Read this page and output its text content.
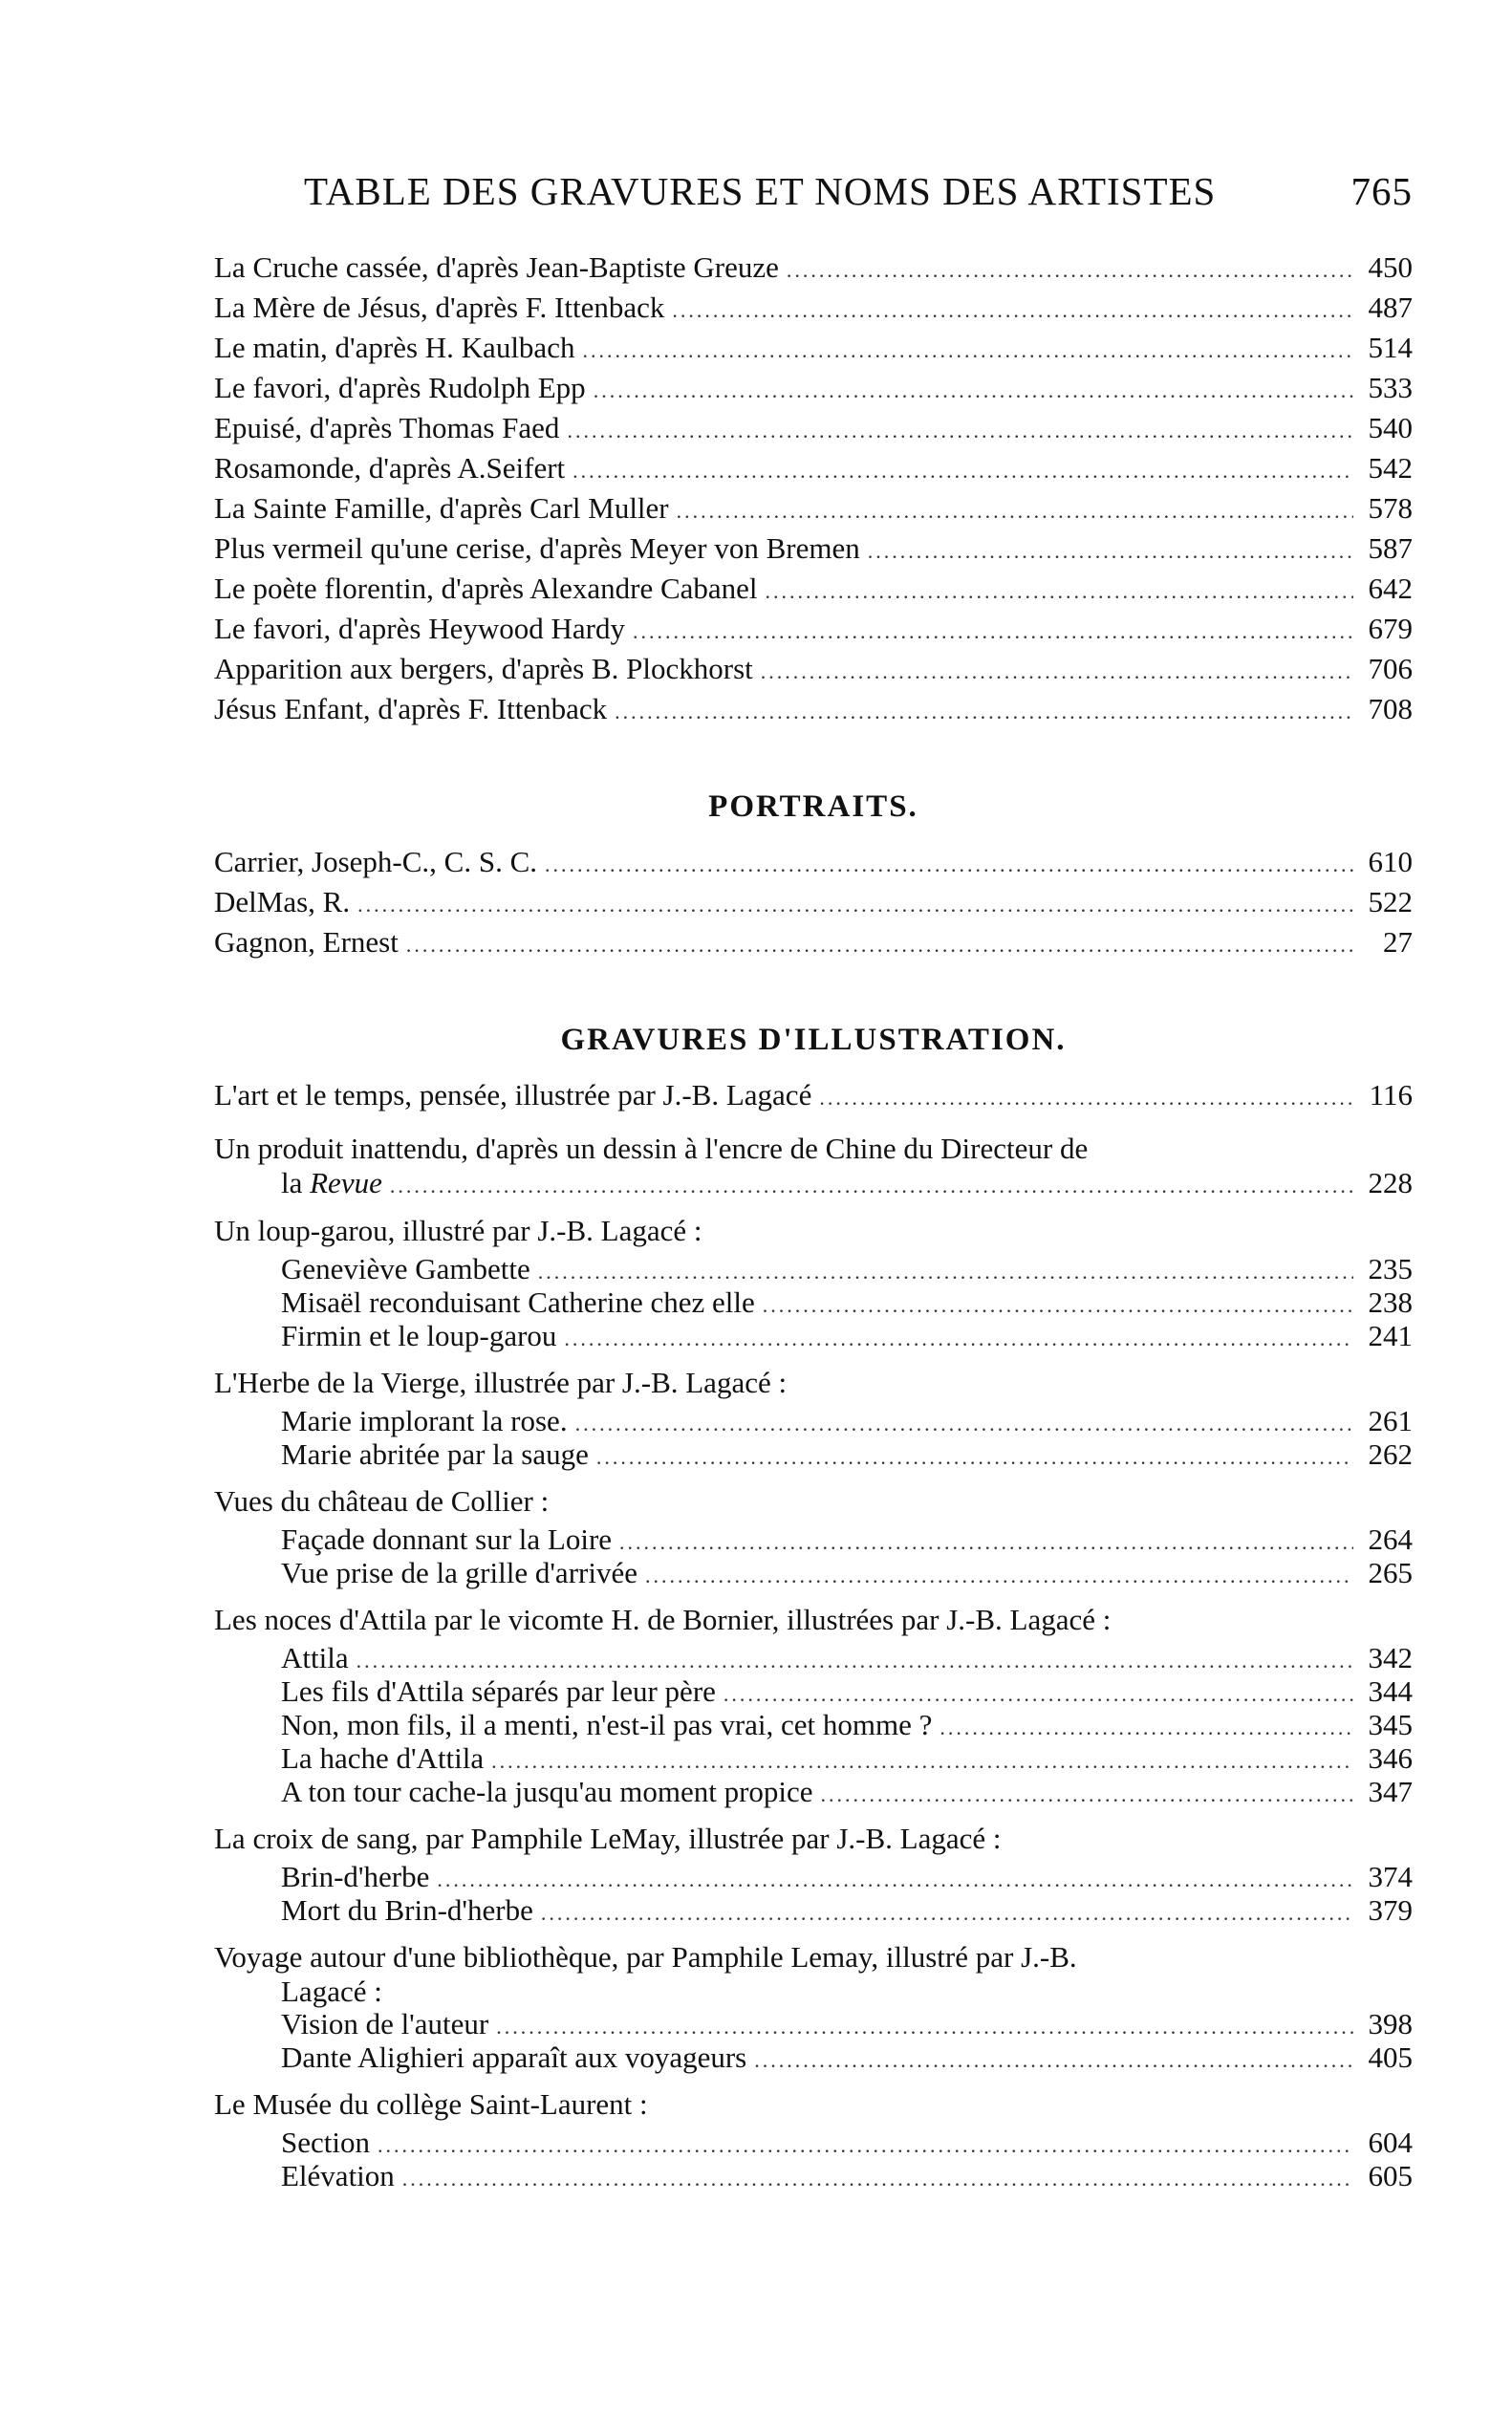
TABLE DES GRAVURES ET NOMS DES ARTISTES	765
La Cruche cassée, d'après Jean-Baptiste Greuze .....	450
La Mère de Jésus, d'après F. Ittenback .....	487
Le matin, d'après H. Kaulbach .....	514
Le favori, d'après Rudolph Epp .....	533
Epuisé, d'après Thomas Faed .....	540
Rosamonde, d'après A.Seifert .....	542
La Sainte Famille, d'après Carl Muller .....	578
Plus vermeil qu'une cerise, d'après Meyer von Bremen .....	587
Le poète florentin, d'après Alexandre Cabanel .....	642
Le favori, d'après Heywood Hardy .....	679
Apparition aux bergers, d'après B. Plockhorst .....	706
Jésus Enfant, d'après F. Ittenback .....	708
PORTRAITS.
Carrier, Joseph-C., C. S. C. .....	610
DelMas, R. .....	522
Gagnon, Ernest .....	27
GRAVURES D'ILLUSTRATION.
L'art et le temps, pensée, illustrée par J.-B. Lagacé .....	116
Un produit inattendu, d'après un dessin à l'encre de Chine du Directeur de
la Revue .....	228
Un loup-garou, illustré par J.-B. Lagacé :
Geneviève Gambette .....	235
Misaël reconduisant Catherine chez elle .....	238
Firmin et le loup-garou .....	241
L'Herbe de la Vierge, illustrée par J.-B. Lagacé :
Marie implorant la rose. .....	261
Marie abritée par la sauge .....	262
Vues du château de Collier :
Façade donnant sur la Loire .....	264
Vue prise de la grille d'arrivée .....	265
Les noces d'Attila par le vicomte H. de Bornier, illustrées par J.-B. Lagacé :
Attila .....	342
Les fils d'Attila séparés par leur père .....	344
Non, mon fils, il a menti, n'est-il pas vrai, cet homme ? .....	345
La hache d'Attila .....	346
A ton tour cache-la jusqu'au moment propice .....	347
La croix de sang, par Pamphile LeMay, illustrée par J.-B. Lagacé :
Brin-d'herbe .....	374
Mort du Brin-d'herbe .....	379
Voyage autour d'une bibliothèque, par Pamphile Lemay, illustré par J.-B.
Lagacé :
Vision de l'auteur .....	398
Dante Alighieri apparaît aux voyageurs .....	405
Le Musée du collège Saint-Laurent :
Section .....	604
Elévation .....	605
